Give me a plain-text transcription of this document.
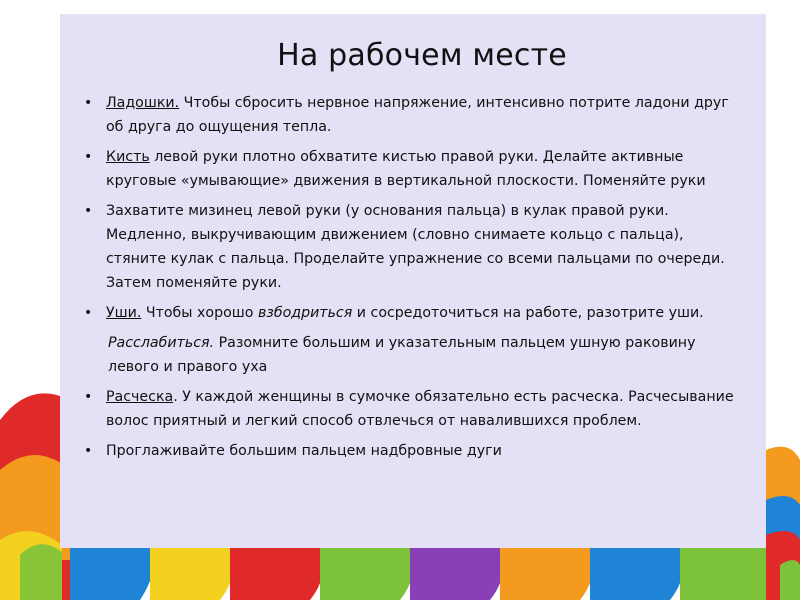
На рабочем месте
• Ладошки. Чтобы сбросить нервное напряжение, интенсивно потрите ладони друг об друга до ощущения тепла.
• Кисть левой руки плотно обхватите кистью правой руки. Делайте активные круговые «умывающие» движения в вертикальной плоскости. Поменяйте руки
• Захватите мизинец левой руки (у основания пальца) в кулак правой руки. Медленно, выкручивающим движением (словно снимаете кольцо с пальца), стяните кулак с пальца. Проделайте упражнение со всеми пальцами по очереди. Затем поменяйте руки.
• Уши. Чтобы хорошо взбодриться и сосредоточиться на работе, разотрите уши.
Расслабиться. Разомните большим и указательным пальцем ушную раковину левого и правого уха
• Расческа. У каждой женщины в сумочке обязательно есть расческа. Расчесывание волос приятный и легкий способ отвлечься от навалившихся проблем.
• Проглаживайте большим пальцем надбровные дуги
